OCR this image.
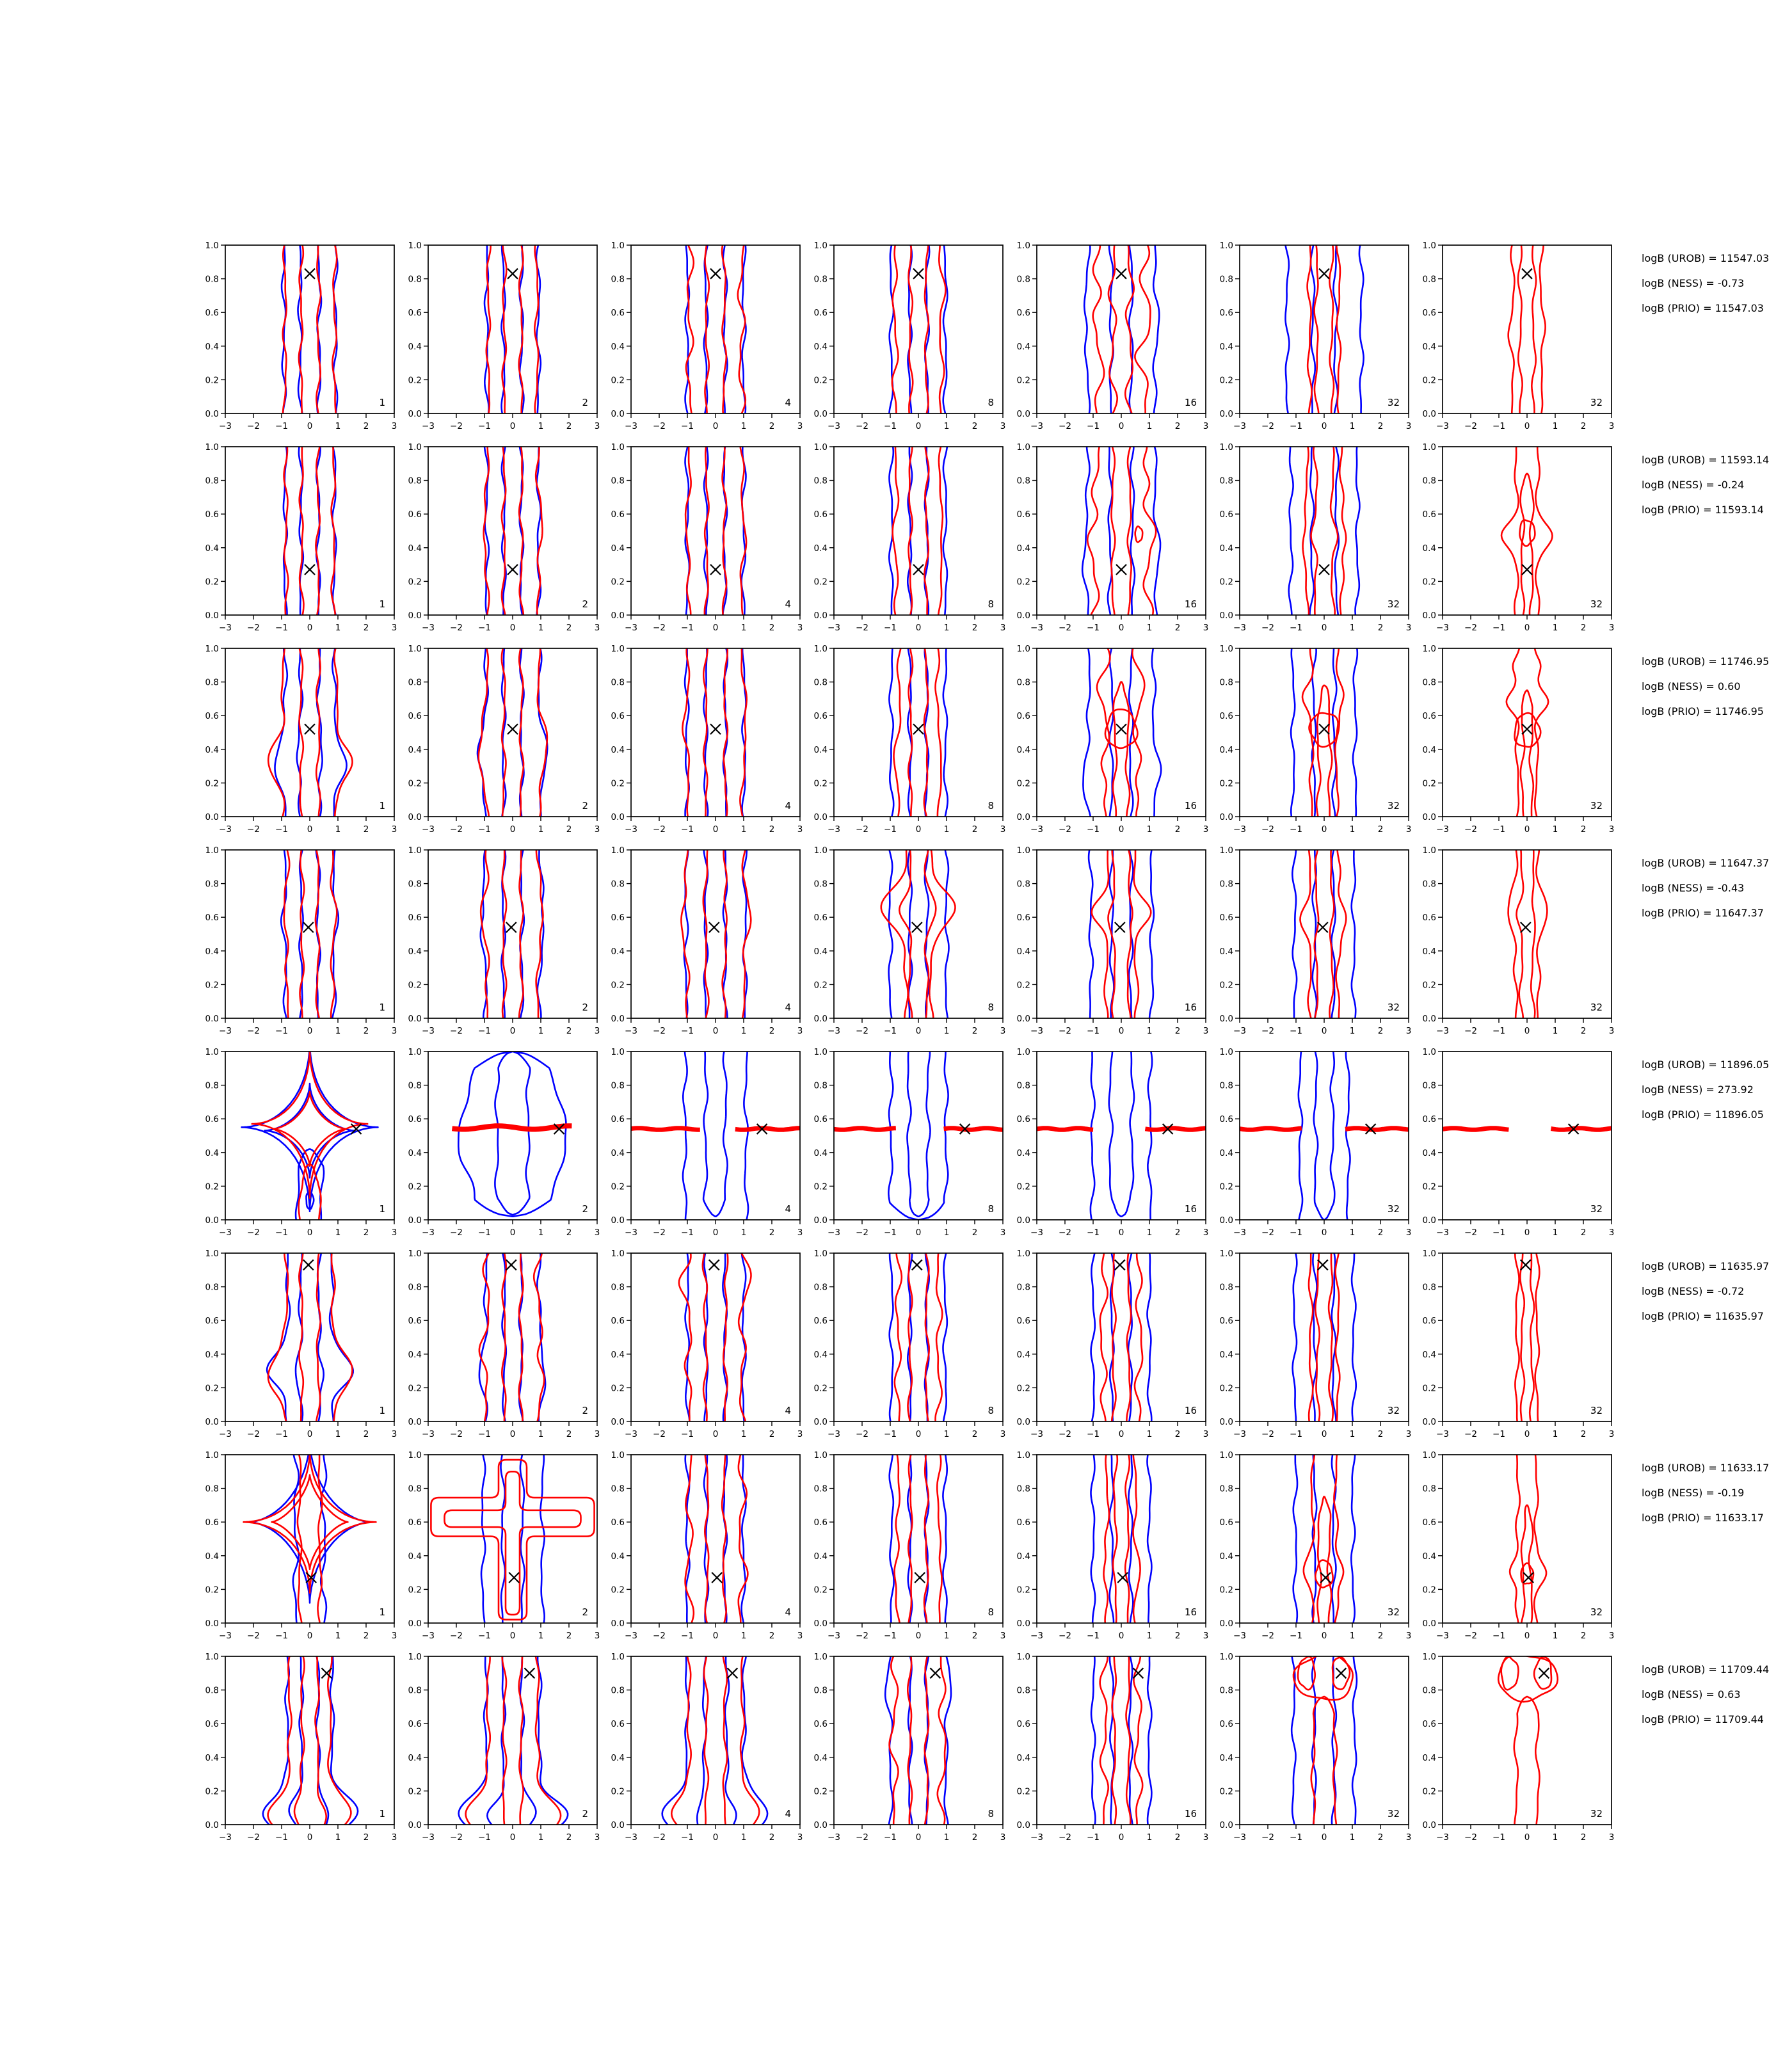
−3 −2 −1 0	1	2	3
1.0
0.8
0.6
0.4
0.2
0.0
1
−3 −2 −1 0	1	2	3
1.0
0.8
0.6
0.4
0.2
0.0
2
−3 −2 −1 0	1	2	3
1.0
0.8
0.6
0.4
0.2
0.0
4
−3 −2 −1 0	1	2	3
1.0
0.8
0.6
0.4
0.2
0.0
8
−3 −2 −1 0	1	2	3
1.0
0.8
0.6
0.4
0.2
0.0
16
−3 −2 −1 0	1	2	3
1.0
0.8
0.6
0.4
0.2
0.0
32
−3 −2 −1 0	1	2	3
1.0
0.8
0.6
0.4
0.2
0.0
32
logB (UROB) = 11547.03
logB (NESS) = -0.73
logB (PRIO) = 11547.03
−3 −2 −1 0	1	2	3
1.0
0.8
0.6
0.4
0.2
0.0
1
−3 −2 −1 0	1	2	3
1.0
0.8
0.6
0.4
0.2
0.0
2
−3 −2 −1 0	1	2	3
1.0
0.8
0.6
0.4
0.2
0.0
4
−3 −2 −1 0	1	2	3
1.0
0.8
0.6
0.4
0.2
0.0
8
−3 −2 −1 0	1	2	3
1.0
0.8
0.6
0.4
0.2
0.0
16
−3 −2 −1 0	1	2	3
1.0
0.8
0.6
0.4
0.2
0.0
32
−3 −2 −1 0	1	2	3
1.0
0.8
0.6
0.4
0.2
0.0
32
logB (UROB) = 11593.14
logB (NESS) = -0.24
logB (PRIO) = 11593.14
−3 −2 −1 0	1	2	3
1.0
0.8
0.6
0.4
0.2
0.0
1
−3 −2 −1 0	1	2	3
1.0
0.8
0.6
0.4
0.2
0.0
2
−3 −2 −1 0	1	2	3
1.0
0.8
0.6
0.4
0.2
0.0
4
−3 −2 −1 0	1	2	3
1.0
0.8
0.6
0.4
0.2
0.0
8
−3 −2 −1 0	1	2	3
1.0
0.8
0.6
0.4
0.2
0.0
16
−3 −2 −1 0	1	2	3
1.0
0.8
0.6
0.4
0.2
0.0
32
−3 −2 −1 0	1	2	3
1.0
0.8
0.6
0.4
0.2
0.0
32
logB (UROB) = 11746.95
logB (NESS) = 0.60
logB (PRIO) = 11746.95
−3 −2 −1 0	1	2	3
1.0
0.8
0.6
0.4
0.2
0.0
1
−3 −2 −1 0	1	2	3
1.0
0.8
0.6
0.4
0.2
0.0
2
−3 −2 −1 0	1	2	3
1.0
0.8
0.6
0.4
0.2
0.0
4
−3 −2 −1 0	1	2	3
1.0
0.8
0.6
0.4
0.2
0.0
8
−3 −2 −1 0	1	2	3
1.0
0.8
0.6
0.4
0.2
0.0
16
−3 −2 −1 0	1	2	3
1.0
0.8
0.6
0.4
0.2
0.0
32
−3 −2 −1 0	1	2	3
1.0
0.8
0.6
0.4
0.2
0.0
32
logB (UROB) = 11647.37
logB (NESS) = -0.43
logB (PRIO) = 11647.37
−3 −2 −1 0	1	2	3
1.0
0.8
0.6
0.4
0.2
0.0
1
−3 −2 −1 0	1	2	3
1.0
0.8
0.6
0.4
0.2
0.0
2
−3 −2 −1 0	1	2	3
1.0
0.8
0.6
0.4
0.2
0.0
4
−3 −2 −1 0	1	2	3
1.0
0.8
0.6
0.4
0.2
0.0
8
−3 −2 −1 0	1	2	3
1.0
0.8
0.6
0.4
0.2
0.0
16
−3 −2 −1 0	1	2	3
1.0
0.8
0.6
0.4
0.2
0.0
32
−3 −2 −1 0	1	2	3
1.0
0.8
0.6
0.4
0.2
0.0
32
logB (UROB) = 11896.05
logB (NESS) = 273.92
logB (PRIO) = 11896.05
−3 −2 −1 0	1	2	3
1.0
0.8
0.6
0.4
0.2
0.0
1
−3 −2 −1 0	1	2	3
1.0
0.8
0.6
0.4
0.2
0.0
2
−3 −2 −1 0	1	2	3
1.0
0.8
0.6
0.4
0.2
0.0
4
−3 −2 −1 0	1	2	3
1.0
0.8
0.6
0.4
0.2
0.0
8
−3 −2 −1 0	1	2	3
1.0
0.8
0.6
0.4
0.2
0.0
16
−3 −2 −1 0	1	2	3
1.0
0.8
0.6
0.4
0.2
0.0
32
−3 −2 −1 0	1	2	3
1.0
0.8
0.6
0.4
0.2
0.0
32
logB (UROB) = 11635.97
logB (NESS) = -0.72
logB (PRIO) = 11635.97
−3 −2 −1 0	1	2	3
1.0
0.8
0.6
0.4
0.2
0.0
1
−3 −2 −1 0	1	2	3
1.0
0.8
0.6
0.4
0.2
0.0
2
−3 −2 −1 0	1	2	3
1.0
0.8
0.6
0.4
0.2
0.0
4
−3 −2 −1 0	1	2	3
1.0
0.8
0.6
0.4
0.2
0.0
8
−3 −2 −1 0	1	2	3
1.0
0.8
0.6
0.4
0.2
0.0
16
−3 −2 −1 0	1	2	3
1.0
0.8
0.6
0.4
0.2
0.0
32
−3 −2 −1 0	1	2	3
1.0
0.8
0.6
0.4
0.2
0.0
32
logB (UROB) = 11633.17
logB (NESS) = -0.19
logB (PRIO) = 11633.17
−3 −2 −1 0	1	2	3
1.0
0.8
0.6
0.4
0.2
0.0
1
−3 −2 −1 0	1	2	3
1.0
0.8
0.6
0.4
0.2
0.0
2
−3 −2 −1 0	1	2	3
1.0
0.8
0.6
0.4
0.2
0.0
4
−3 −2 −1 0	1	2	3
1.0
0.8
0.6
0.4
0.2
0.0
8
−3 −2 −1 0	1	2	3
1.0
0.8
0.6
0.4
0.2
0.0
16
−3 −2 −1 0	1	2	3
1.0
0.8
0.6
0.4
0.2
0.0
32
−3 −2 −1 0	1	2	3
1.0
0.8
0.6
0.4
0.2
0.0
32
logB (UROB) = 11709.44
logB (NESS) = 0.63
logB (PRIO) = 11709.44
